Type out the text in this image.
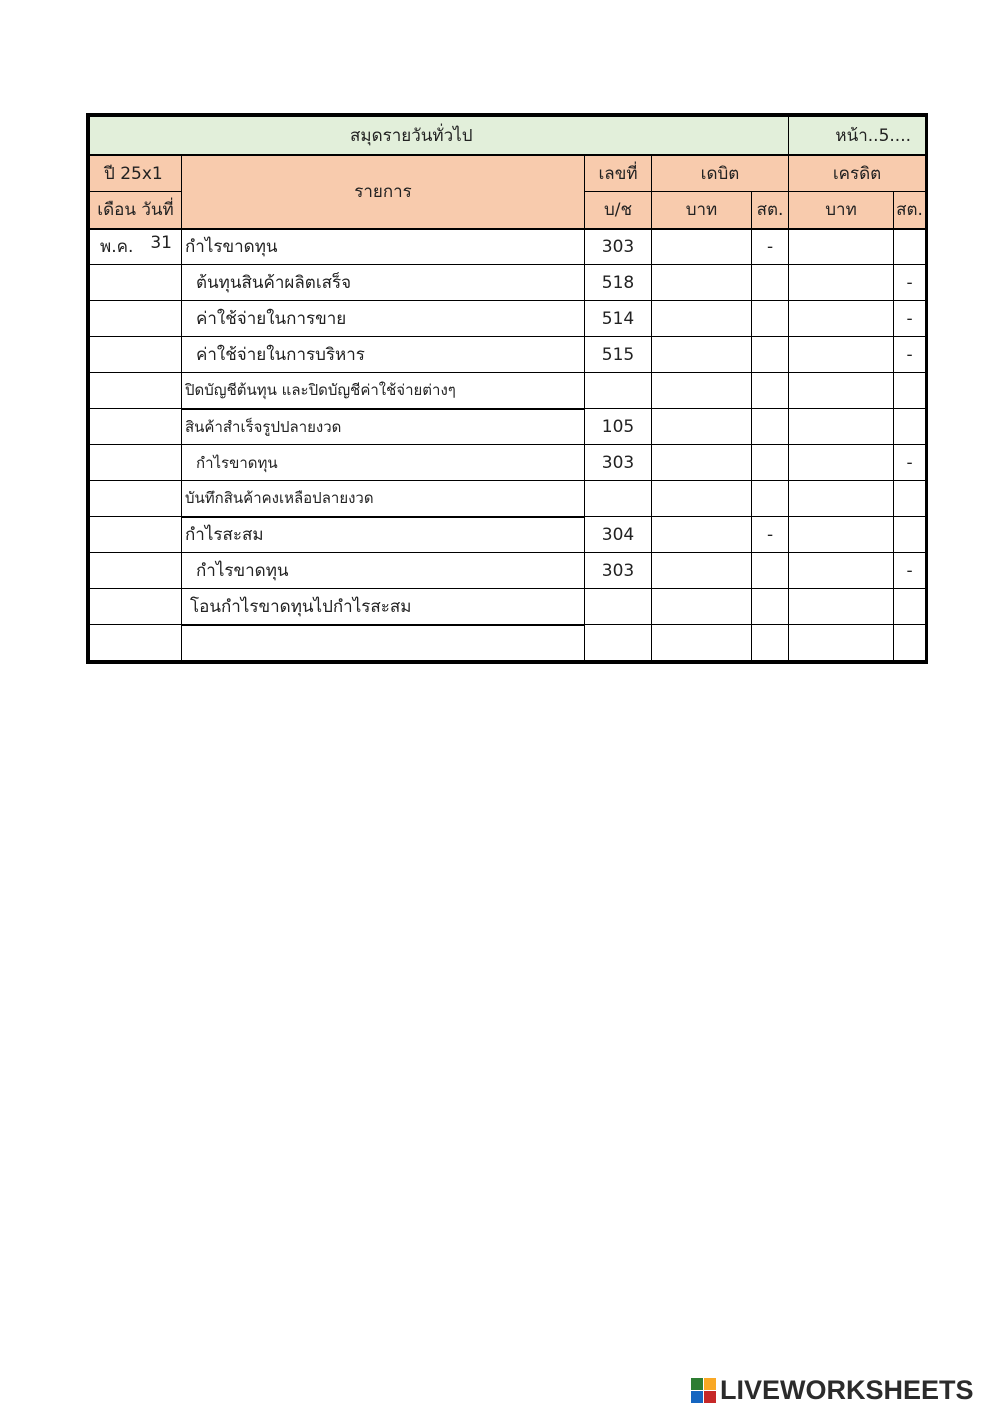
สมุดรายวันทั่วไป					หน้า..5....	
ปี 25x1	รายการ	เลขที่	เดบิต		เครดิต	
เดือน วันที่		บ/ช	บาท	สต.	บาท	สต.

พ.ค. 31	กำไรขาดทุน	303		-		
	ต้นทุนสินค้าผลิตเสร็จ	518				-
	ค่าใช้จ่ายในการขาย	514				-
	ค่าใช้จ่ายในการบริหาร	515				-
	ปิดบัญชีต้นทุน และปิดบัญชีค่าใช้จ่ายต่างๆ					
	สินค้าสำเร็จรูปปลายงวด	105				
	กำไรขาดทุน	303				-
	บันทึกสินค้าคงเหลือปลายงวด					
	กำไรสะสม	304		-		
	กำไรขาดทุน	303				-
	โอนกำไรขาดทุนไปกำไรสะสม					

LIVEWORKSHEETS
